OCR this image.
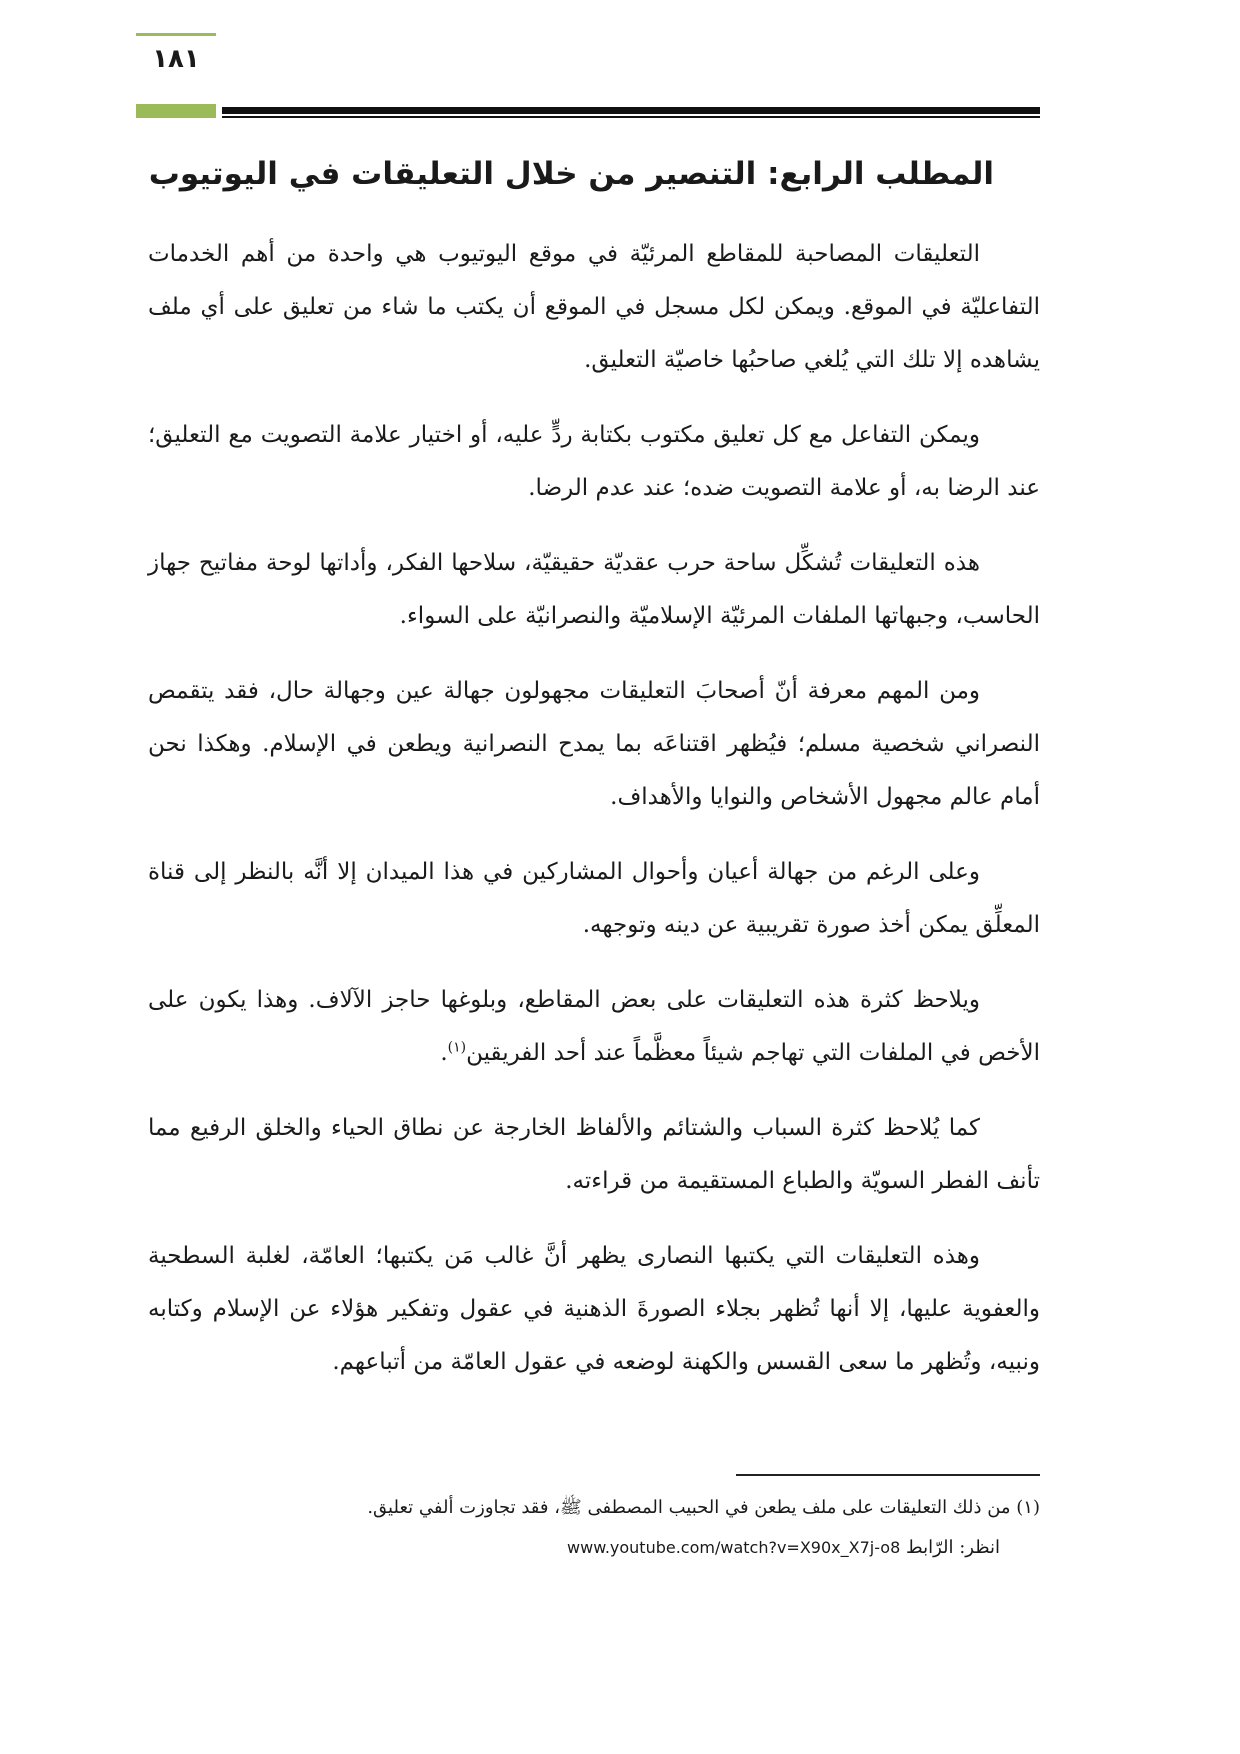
١٨١
المطلب الرابع: التنصير من خلال التعليقات في اليوتيوب

التعليقات المصاحبة للمقاطع المرئيّة في موقع اليوتيوب هي واحدة من أهم الخدمات التفاعليّة في الموقع. ويمكن لكل مسجل في الموقع أن يكتب ما شاء من تعليق على أي ملف يشاهده إلا تلك التي يُلغي صاحبُها خاصيّة التعليق.

ويمكن التفاعل مع كل تعليق مكتوب بكتابة ردٍّ عليه، أو اختيار علامة التصويت مع التعليق؛ عند الرضا به، أو علامة التصويت ضده؛ عند عدم الرضا.

هذه التعليقات تُشكِّل ساحة حرب عقديّة حقيقيّة، سلاحها الفكر، وأداتها لوحة مفاتيح جهاز الحاسب، وجبهاتها الملفات المرئيّة الإسلاميّة والنصرانيّة على السواء.

ومن المهم معرفة أنّ أصحابَ التعليقات مجهولون جهالة عين وجهالة حال، فقد يتقمص النصراني شخصية مسلم؛ فيُظهر اقتناعَه بما يمدح النصرانية ويطعن في الإسلام. وهكذا نحن أمام عالم مجهول الأشخاص والنوايا والأهداف.

وعلى الرغم من جهالة أعيان وأحوال المشاركين في هذا الميدان إلا أنَّه بالنظر إلى قناة المعلِّق يمكن أخذ صورة تقريبية عن دينه وتوجهه.

ويلاحظ كثرة هذه التعليقات على بعض المقاطع، وبلوغها حاجز الآلاف. وهذا يكون على الأخص في الملفات التي تهاجم شيئاً معظَّماً عند أحد الفريقين$^{(١)}$.

كما يُلاحظ كثرة السباب والشتائم والألفاظ الخارجة عن نطاق الحياء والخلق الرفيع مما تأنف الفطر السويّة والطباع المستقيمة من قراءته.

وهذه التعليقات التي يكتبها النصارى يظهر أنَّ غالب مَن يكتبها؛ العامّة، لغلبة السطحية والعفوية عليها، إلا أنها تُظهر بجلاء الصورةَ الذهنية في عقول وتفكير هؤلاء عن الإسلام وكتابه ونبيه، وتُظهر ما سعى القسس والكهنة لوضعه في عقول العامّة من أتباعهم.

(١) من ذلك التعليقات على ملف يطعن في الحبيب المصطفى ﷺ، فقد تجاوزت ألفي تعليق.

انظر: الرّابط www.youtube.com/watch?v=X90x_X7j-o8
